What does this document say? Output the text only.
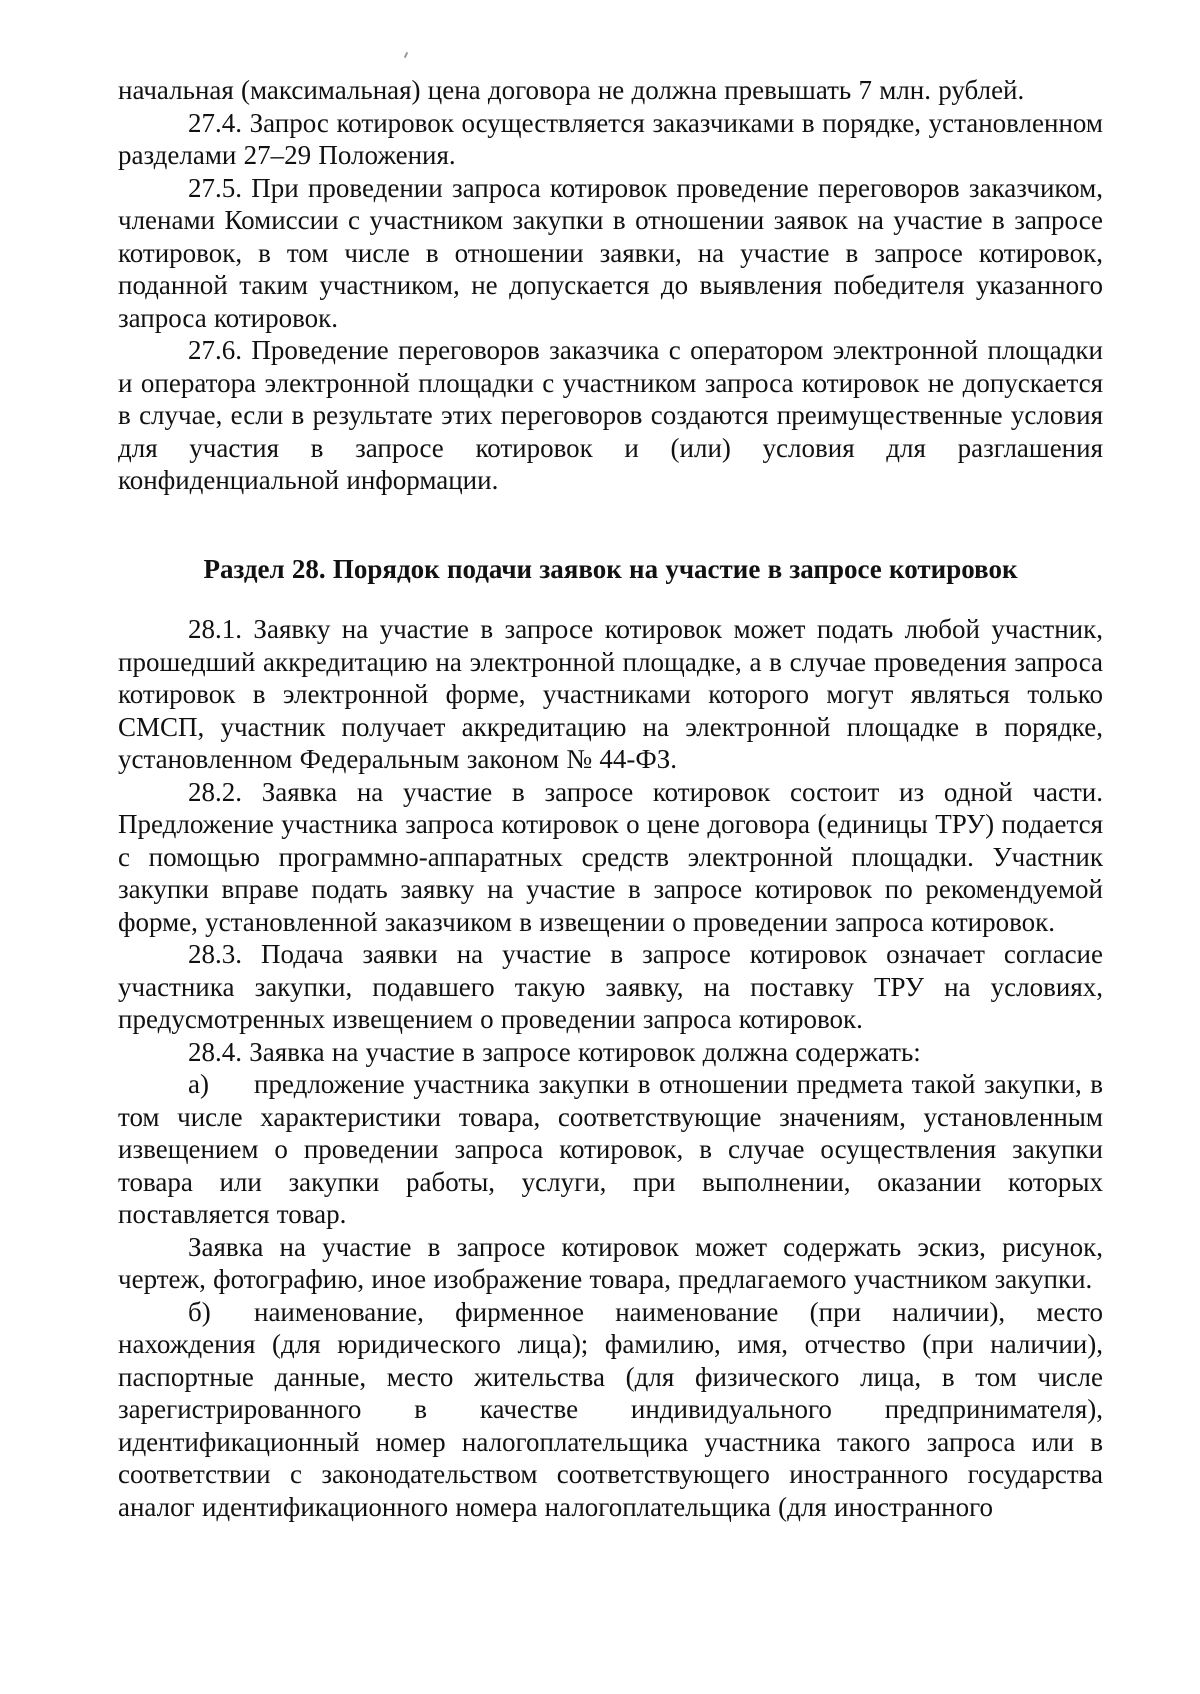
начальная (максимальная) цена договора не должна превышать 7 млн. рублей.

27.4. Запрос котировок осуществляется заказчиками в порядке, установленном разделами 27–29 Положения.

27.5. При проведении запроса котировок проведение переговоров заказчиком, членами Комиссии с участником закупки в отношении заявок на участие в запросе котировок, в том числе в отношении заявки, на участие в запросе котировок, поданной таким участником, не допускается до выявления победителя указанного запроса котировок.

27.6. Проведение переговоров заказчика с оператором электронной площадки и оператора электронной площадки с участником запроса котировок не допускается в случае, если в результате этих переговоров создаются преимущественные условия для участия в запросе котировок и (или) условия для разглашения конфиденциальной информации.

Раздел 28. Порядок подачи заявок на участие в запросе котировок

28.1. Заявку на участие в запросе котировок может подать любой участник, прошедший аккредитацию на электронной площадке, а в случае проведения запроса котировок в электронной форме, участниками которого могут являться только СМСП, участник получает аккредитацию на электронной площадке в порядке, установленном Федеральным законом № 44-ФЗ.

28.2. Заявка на участие в запросе котировок состоит из одной части. Предложение участника запроса котировок о цене договора (единицы ТРУ) подается с помощью программно-аппаратных средств электронной площадки. Участник закупки вправе подать заявку на участие в запросе котировок по рекомендуемой форме, установленной заказчиком в извещении о проведении запроса котировок.

28.3. Подача заявки на участие в запросе котировок означает согласие участника закупки, подавшего такую заявку, на поставку ТРУ на условиях, предусмотренных извещением о проведении запроса котировок.

28.4. Заявка на участие в запросе котировок должна содержать:

а) предложение участника закупки в отношении предмета такой закупки, в том числе характеристики товара, соответствующие значениям, установленным извещением о проведении запроса котировок, в случае осуществления закупки товара или закупки работы, услуги, при выполнении, оказании которых поставляется товар.

Заявка на участие в запросе котировок может содержать эскиз, рисунок, чертеж, фотографию, иное изображение товара, предлагаемого участником закупки.

б) наименование, фирменное наименование (при наличии), место нахождения (для юридического лица); фамилию, имя, отчество (при наличии), паспортные данные, место жительства (для физического лица, в том числе зарегистрированного в качестве индивидуального предпринимателя), идентификационный номер налогоплательщика участника такого запроса или в соответствии с законодательством соответствующего иностранного государства аналог идентификационного номера налогоплательщика (для иностранного
